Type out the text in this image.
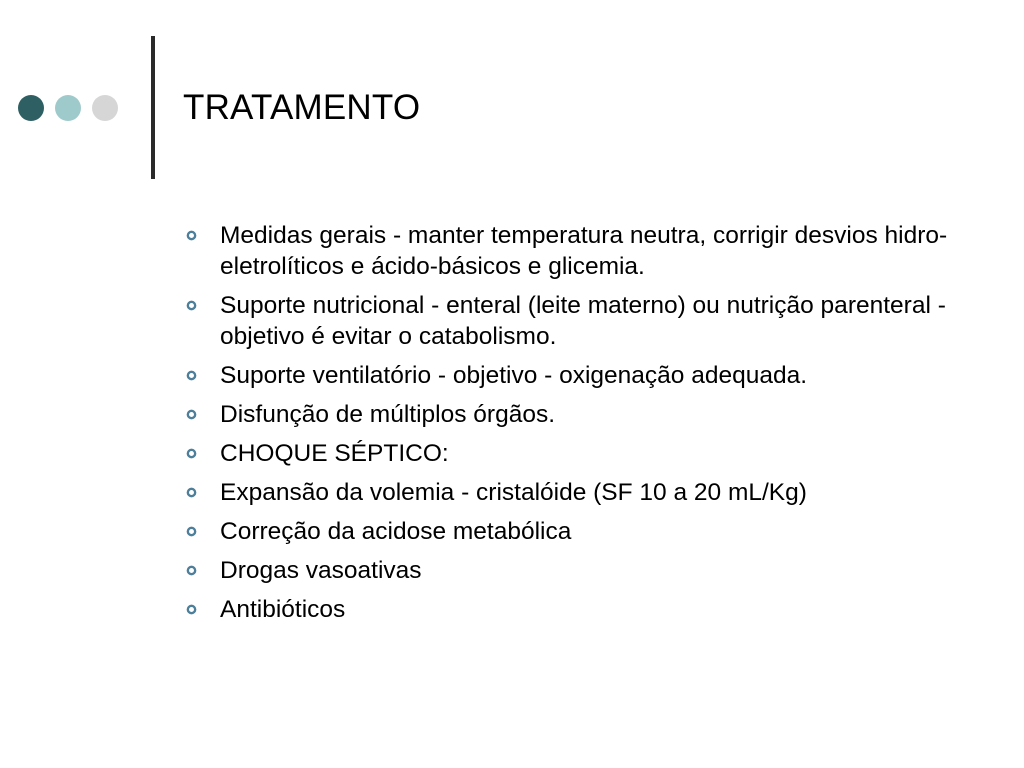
TRATAMENTO
Medidas gerais - manter temperatura neutra, corrigir desvios hidro-eletrolíticos e ácido-básicos e glicemia.
Suporte nutricional - enteral (leite materno) ou nutrição parenteral - objetivo é evitar o catabolismo.
Suporte ventilatório - objetivo - oxigenação adequada.
Disfunção de múltiplos órgãos.
CHOQUE SÉPTICO:
Expansão da volemia - cristalóide (SF 10 a 20 mL/Kg)
Correção da acidose metabólica
Drogas vasoativas
Antibióticos
